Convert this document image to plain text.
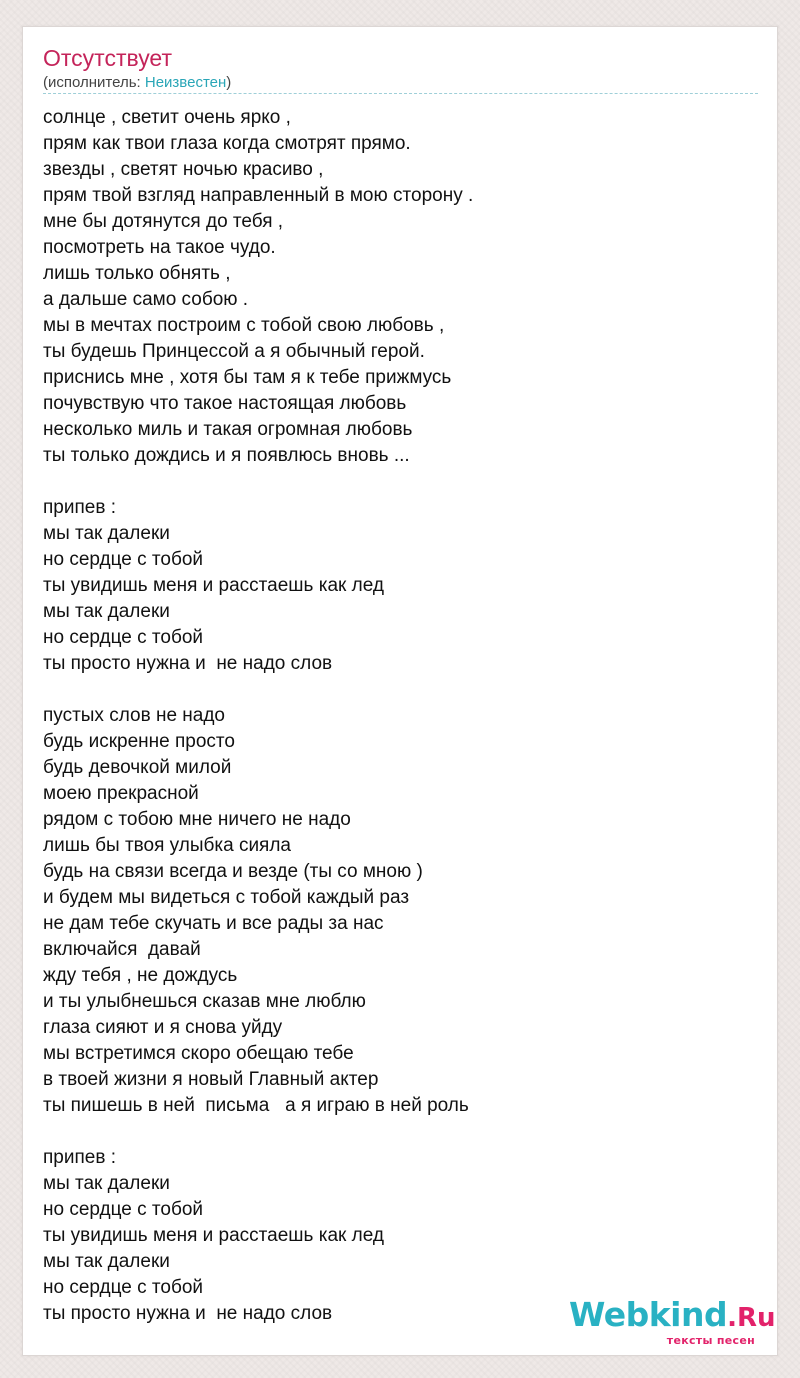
Отсутствует
(исполнитель: Неизвестен)
солнце , светит очень ярко ,
прям как твои глаза когда смотрят прямо.
звезды , светят ночью красиво ,
прям твой взгляд направленный в мою сторону .
мне бы дотянутся до тебя ,
посмотреть на такое чудо.
лишь только обнять ,
а дальше само собою .
мы в мечтах построим с тобой свою любовь ,
ты будешь Принцессой а я обычный герой.
приснись мне , хотя бы там я к тебе прижмусь
почувствую что такое настоящая любовь
несколько миль и такая огромная любовь
ты только дождись и я появлюсь вновь ...
припев :
мы так далеки
но сердце с тобой
ты увидишь меня и расстаешь как лед
мы так далеки
но сердце с тобой
ты просто нужна и  не надо слов
пустых слов не надо
будь искренне просто
будь девочкой милой
моею прекрасной
рядом с тобою мне ничего не надо
лишь бы твоя улыбка сияла
будь на связи всегда и везде (ты со мною )
и будем мы видеться с тобой каждый раз
не дам тебе скучать и все рады за нас
включайся  давай
жду тебя , не дождусь
и ты улыбнешься сказав мне люблю
глаза сияют и я снова уйду
мы встретимся скоро обещаю тебе
в твоей жизни я новый Главный актер
ты пишешь в ней  письма   а я играю в ней роль
припев :
мы так далеки
но сердце с тобой
ты увидишь меня и расстаешь как лед
мы так далеки
но сердце с тобой
ты просто нужна и  не надо слов	Webkind.Ru
тексты песен
